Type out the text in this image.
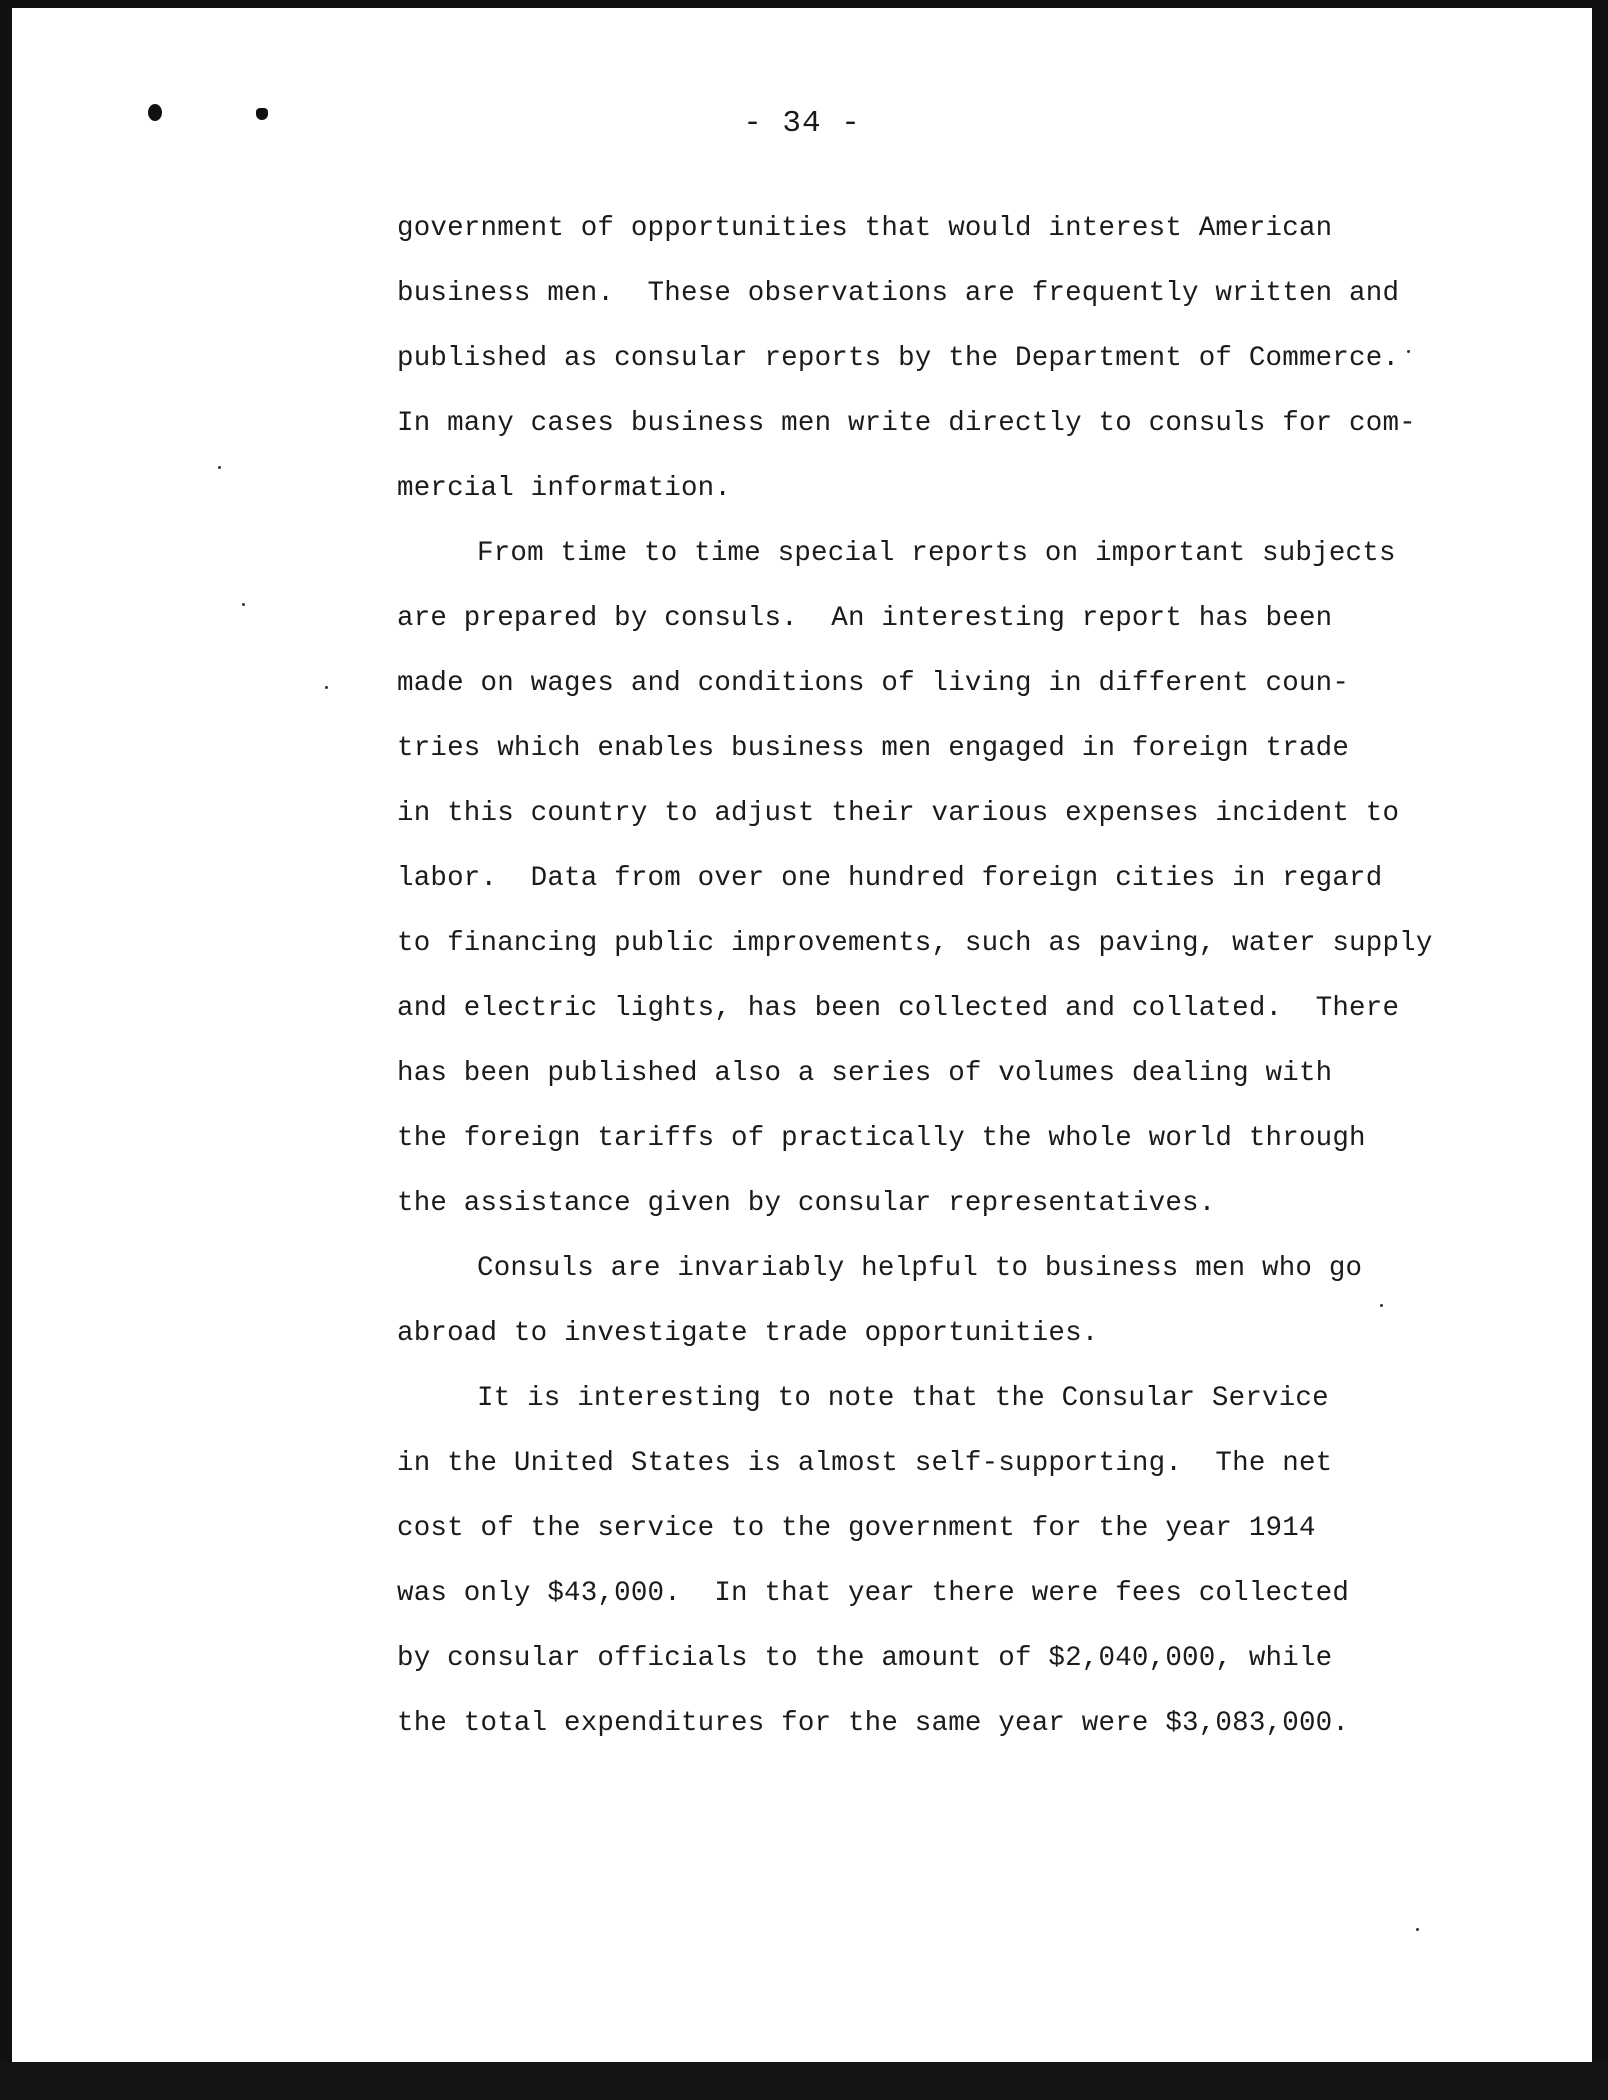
- 34 -
government of opportunities that would interest American
business men.  These observations are frequently written and
published as consular reports by the Department of Commerce.
In many cases business men write directly to consuls for com-
mercial information.
From time to time special reports on important subjects
are prepared by consuls.  An interesting report has been
made on wages and conditions of living in different coun-
tries which enables business men engaged in foreign trade
in this country to adjust their various expenses incident to
labor.  Data from over one hundred foreign cities in regard
to financing public improvements, such as paving, water supply
and electric lights, has been collected and collated.  There
has been published also a series of volumes dealing with
the foreign tariffs of practically the whole world through
the assistance given by consular representatives.
Consuls are invariably helpful to business men who go
abroad to investigate trade opportunities.
It is interesting to note that the Consular Service
in the United States is almost self-supporting.  The net
cost of the service to the government for the year 1914
was only $43,000.  In that year there were fees collected
by consular officials to the amount of $2,040,000, while
the total expenditures for the same year were $3,083,000.
